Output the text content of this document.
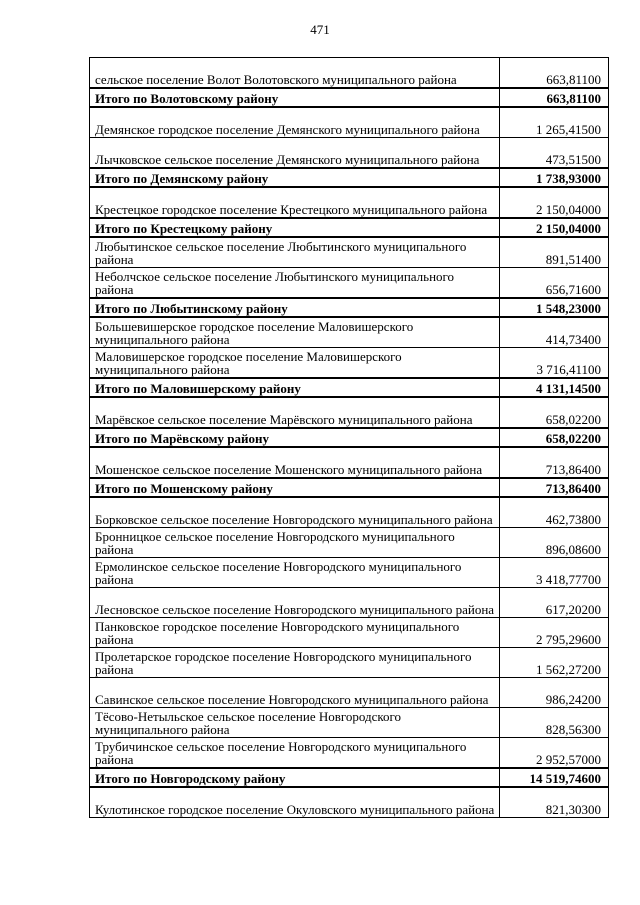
471
сельское поселение Волот Волотовского муниципального района	663,81100
Итого по Волотовскому району	663,81100
Демянское городское поселение Демянского муниципального района	1 265,41500
Лычковское сельское поселение Демянского муниципального района	473,51500
Итого по Демянскому району	1 738,93000
Крестецкое городское поселение Крестецкого муниципального района	2 150,04000
Итого по Крестецкому району	2 150,04000
Любытинское сельское поселение Любытинского муниципального района	891,51400
Неболчское сельское поселение Любытинского муниципального района	656,71600
Итого по Любытинскому району	1 548,23000
Большевишерское городское поселение Маловишерского муниципального района	414,73400
Маловишерское городское поселение Маловишерского муниципального района	3 716,41100
Итого по Маловишерскому району	4 131,14500
Марёвское сельское поселение Марёвского муниципального района	658,02200
Итого по Марёвскому району	658,02200
Мошенское сельское поселение Мошенского муниципального района	713,86400
Итого по Мошенскому району	713,86400
Борковское сельское поселение Новгородского муниципального района	462,73800
Бронницкое сельское поселение Новгородского муниципального района	896,08600
Ермолинское сельское поселение Новгородского муниципального района	3 418,77700
Лесновское сельское поселение Новгородского муниципального района	617,20200
Панковское городское поселение Новгородского муниципального района	2 795,29600
Пролетарское городское поселение Новгородского муниципального района	1 562,27200
Савинское сельское поселение Новгородского муниципального района	986,24200
Тёсово-Нетыльское сельское поселение Новгородского муниципального района	828,56300
Трубичинское сельское поселение Новгородского муниципального района	2 952,57000
Итого по Новгородскому району	14 519,74600
Кулотинское городское поселение Окуловского муниципального района	821,30300
